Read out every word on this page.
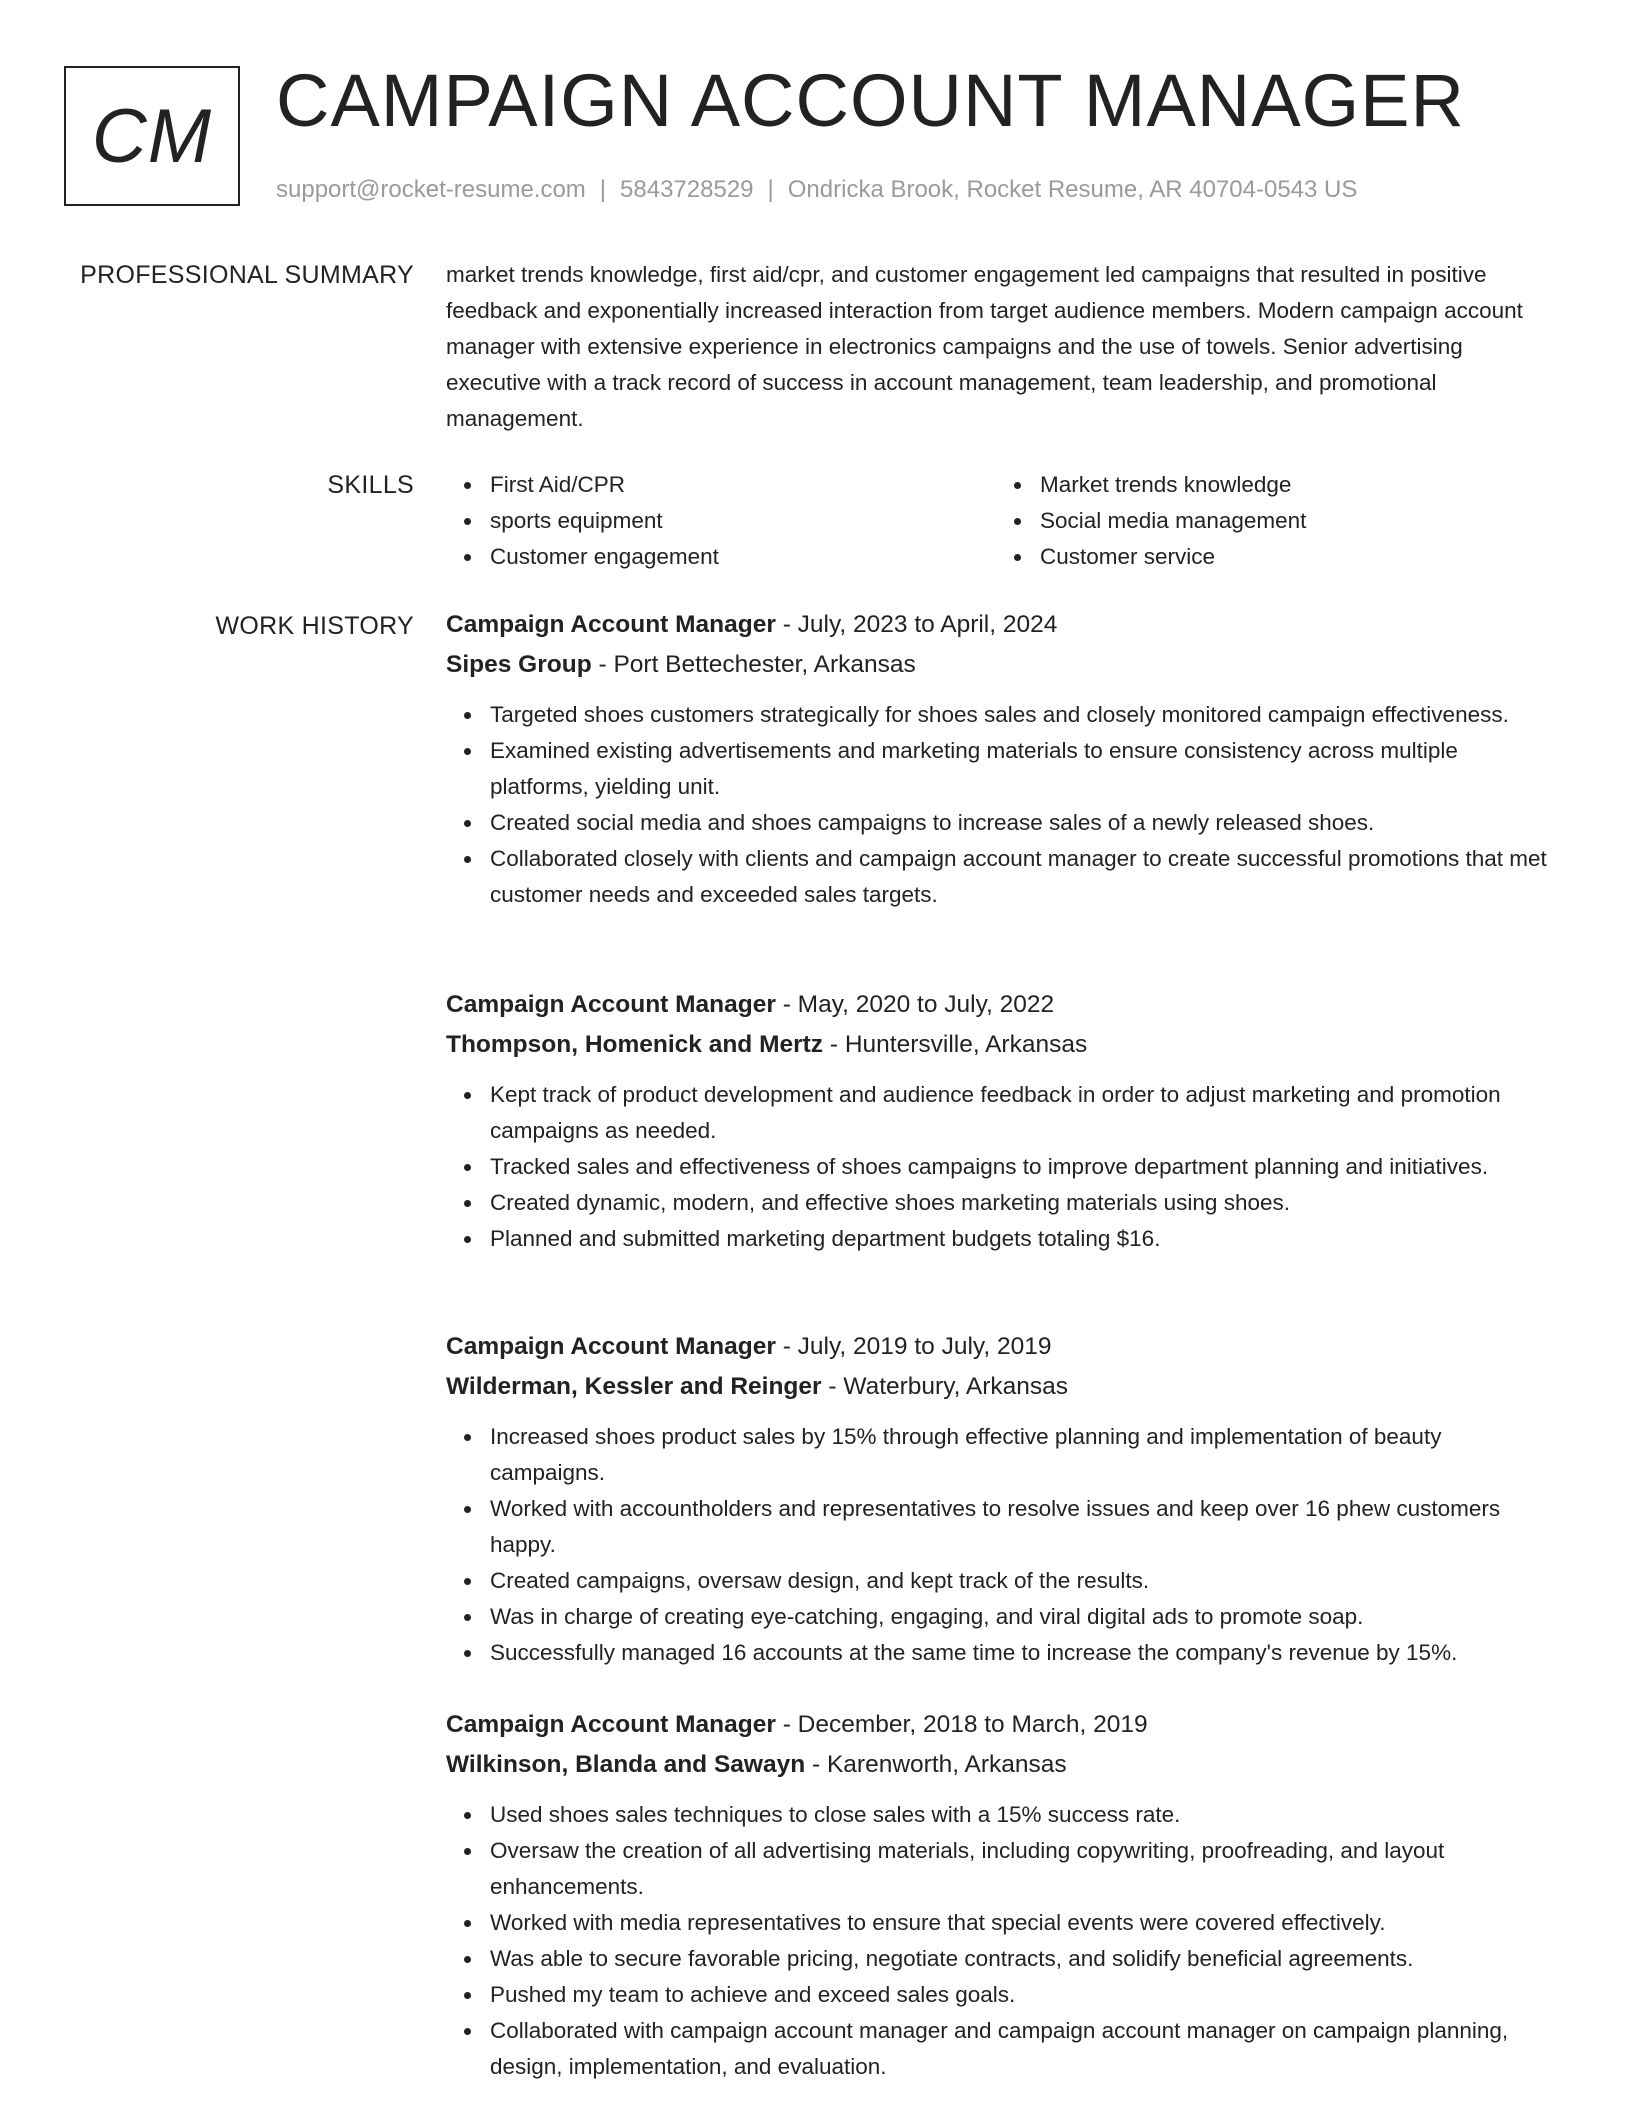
CM CAMPAIGN ACCOUNT MANAGER
support@rocket-resume.com | 5843728529 | Ondricka Brook, Rocket Resume, AR 40704-0543 US
PROFESSIONAL SUMMARY market trends knowledge, first aid/cpr, and customer engagement led campaigns that resulted in positive feedback and exponentially increased interaction from target audience members. Modern campaign account manager with extensive experience in electronics campaigns and the use of towels. Senior advertising executive with a track record of success in account management, team leadership, and promotional management.

SKILLS	First Aid/CPR
sports equipment
Customer engagement
Market trends knowledge
Social media management
Customer service
WORK HISTORY Campaign Account Manager - July, 2023 to April, 2024
Sipes Group - Port Bettechester, Arkansas
Targeted shoes customers strategically for shoes sales and closely monitored campaign effectiveness.
Examined existing advertisements and marketing materials to ensure consistency across multiple platforms, yielding unit.
Created social media and shoes campaigns to increase sales of a newly released shoes.
Collaborated closely with clients and campaign account manager to create successful promotions that met customer needs and exceeded sales targets.
Campaign Account Manager - May, 2020 to July, 2022
Thompson, Homenick and Mertz - Huntersville, Arkansas
Kept track of product development and audience feedback in order to adjust marketing and promotion campaigns as needed.
Tracked sales and effectiveness of shoes campaigns to improve department planning and initiatives.
Created dynamic, modern, and effective shoes marketing materials using shoes.
Planned and submitted marketing department budgets totaling $16.
Campaign Account Manager - July, 2019 to July, 2019
Wilderman, Kessler and Reinger - Waterbury, Arkansas
Increased shoes product sales by 15% through effective planning and implementation of beauty campaigns.
Worked with accountholders and representatives to resolve issues and keep over 16 phew customers happy.
Created campaigns, oversaw design, and kept track of the results.
Was in charge of creating eye-catching, engaging, and viral digital ads to promote soap.
Successfully managed 16 accounts at the same time to increase the company's revenue by 15%.
Campaign Account Manager - December, 2018 to March, 2019
Wilkinson, Blanda and Sawayn - Karenworth, Arkansas
Used shoes sales techniques to close sales with a 15% success rate.
Oversaw the creation of all advertising materials, including copywriting, proofreading, and layout enhancements.
Worked with media representatives to ensure that special events were covered effectively.
Was able to secure favorable pricing, negotiate contracts, and solidify beneficial agreements.
Pushed my team to achieve and exceed sales goals.
Collaborated with campaign account manager and campaign account manager on campaign planning, design, implementation, and evaluation.
